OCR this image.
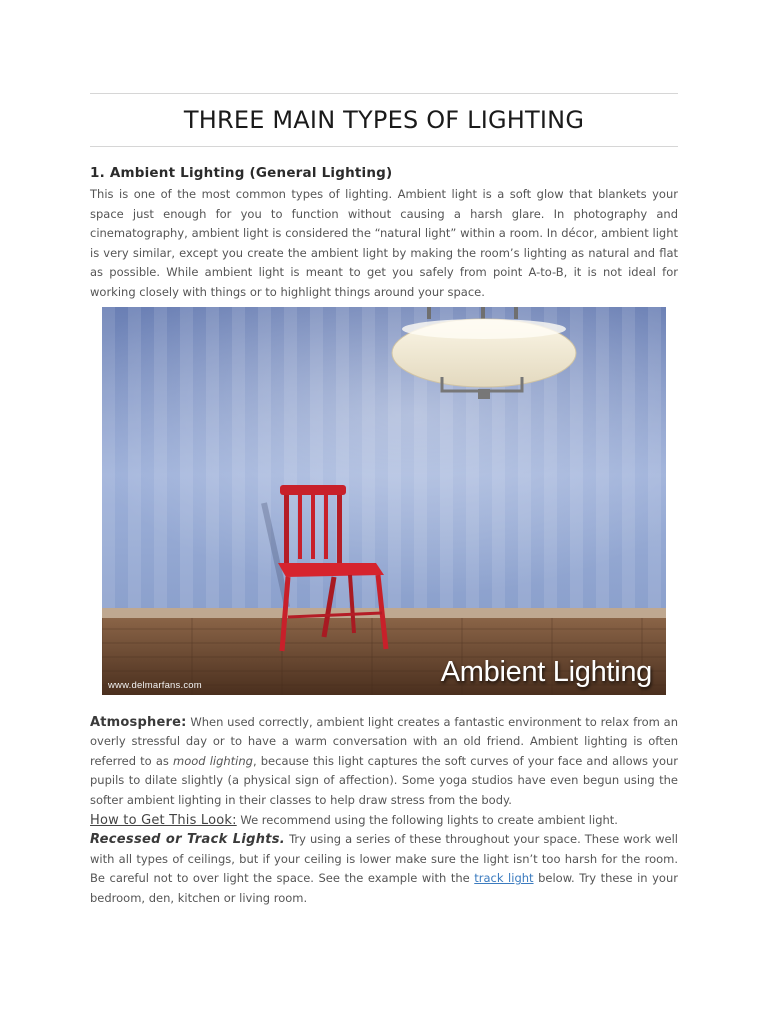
THREE MAIN TYPES OF LIGHTING
1. Ambient Lighting (General Lighting)

This is one of the most common types of lighting. Ambient light is a soft glow that blankets your space just enough for you to function without causing a harsh glare. In photography and cinematography, ambient light is considered the “natural light” within a room. In décor, ambient light is very similar, except you create the ambient light by making the room’s lighting as natural and flat as possible. While ambient light is meant to get you safely from point A-to-B, it is not ideal for working closely with things or to highlight things around your space.

www.delmarfans.com	Ambient Lighting

Atmosphere: When used correctly, ambient light creates a fantastic environment to relax from an overly stressful day or to have a warm conversation with an old friend. Ambient lighting is often referred to as mood lighting, because this light captures the soft curves of your face and allows your pupils to dilate slightly (a physical sign of affection). Some yoga studios have even begun using the softer ambient lighting in their classes to help draw stress from the body.

How to Get This Look: We recommend using the following lights to create ambient light.

Recessed or Track Lights. Try using a series of these throughout your space. These work well with all types of ceilings, but if your ceiling is lower make sure the light isn’t too harsh for the room. Be careful not to over light the space. See the example with the track light below. Try these in your bedroom, den, kitchen or living room.
